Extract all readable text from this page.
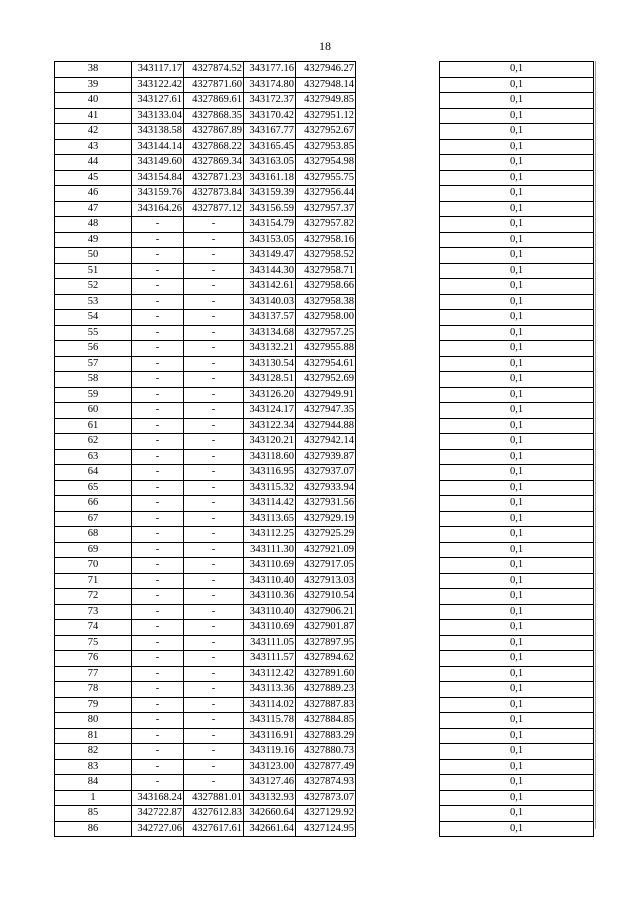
18
38	343117.17	4327874.52	343177.16	4327946.27		0,1
39	343122.42	4327871.60	343174.80	4327948.14		0,1
40	343127.61	4327869.61	343172.37	4327949.85		0,1
41	343133.04	4327868.35	343170.42	4327951.12		0,1
42	343138.58	4327867.89	343167.77	4327952.67		0,1
43	343144.14	4327868.22	343165.45	4327953.85		0,1
44	343149.60	4327869.34	343163.05	4327954.98		0,1
45	343154.84	4327871.23	343161.18	4327955.75		0,1
46	343159.76	4327873.84	343159.39	4327956.44		0,1
47	343164.26	4327877.12	343156.59	4327957.37		0,1
48	-	-	343154.79	4327957.82		0,1
49	-	-	343153.05	4327958.16		0,1
50	-	-	343149.47	4327958.52		0,1
51	-	-	343144.30	4327958.71		0,1
52	-	-	343142.61	4327958.66		0,1
53	-	-	343140.03	4327958.38		0,1
54	-	-	343137.57	4327958.00		0,1
55	-	-	343134.68	4327957.25		0,1
56	-	-	343132.21	4327955.88		0,1
57	-	-	343130.54	4327954.61		0,1
58	-	-	343128.51	4327952.69		0,1
59	-	-	343126.20	4327949.91		0,1
60	-	-	343124.17	4327947.35		0,1
61	-	-	343122.34	4327944.88		0,1
62	-	-	343120.21	4327942.14		0,1
63	-	-	343118.60	4327939.87		0,1
64	-	-	343116.95	4327937.07		0,1
65	-	-	343115.32	4327933.94		0,1
66	-	-	343114.42	4327931.56		0,1
67	-	-	343113.65	4327929.19		0,1
68	-	-	343112.25	4327925.29		0,1
69	-	-	343111.30	4327921.09		0,1
70	-	-	343110.69	4327917.05		0,1
71	-	-	343110.40	4327913.03		0,1
72	-	-	343110.36	4327910.54		0,1
73	-	-	343110.40	4327906.21		0,1
74	-	-	343110.69	4327901.87		0,1
75	-	-	343111.05	4327897.95		0,1
76	-	-	343111.57	4327894.62		0,1
77	-	-	343112.42	4327891.60		0,1
78	-	-	343113.36	4327889.23		0,1
79	-	-	343114.02	4327887.83		0,1
80	-	-	343115.78	4327884.85		0,1
81	-	-	343116.91	4327883.29		0,1
82	-	-	343119.16	4327880.73		0,1
83	-	-	343123.00	4327877.49		0,1
84	-	-	343127.46	4327874.93		0,1
1	343168.24	4327881.01	343132.93	4327873.07		0,1
85	342722.87	4327612.83	342660.64	4327129.92		0,1
86	342727.06	4327617.61	342661.64	4327124.95		0,1
